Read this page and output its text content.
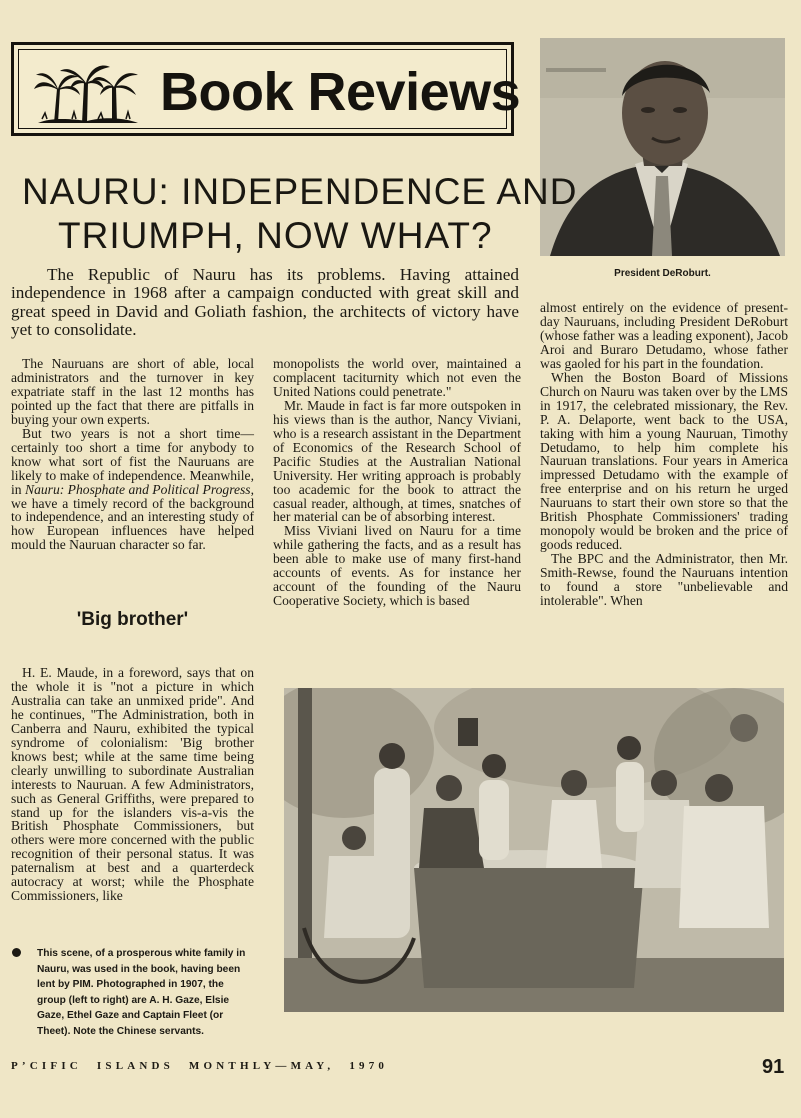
Book Reviews
President DeRoburt.
NAURU: INDEPENDENCE AND
TRIUMPH, NOW WHAT?

The Republic of Nauru has its problems. Having attained independence in 1968 after a campaign conducted with great skill and great speed in David and Goliath fashion, the architects of victory have yet to consolidate.

The Nauruans are short of able, local administrators and the turnover in key expatriate staff in the last 12 months has pointed up the fact that there are pitfalls in buying your own experts.

But two years is not a short time—certainly too short a time for anybody to know what sort of fist the Nauruans are likely to make of independence. Meanwhile, in Nauru: Phosphate and Political Progress, we have a timely record of the background to independence, and an interesting study of how European influences have helped mould the Nauruan character so far.

'Big brother'

H. E. Maude, in a foreword, says that on the whole it is "not a picture in which Australia can take an unmixed pride". And he continues, "The Administration, both in Canberra and Nauru, exhibited the typical syndrome of colonialism: 'Big brother knows best; while at the same time being clearly unwilling to subordinate Australian interests to Nauruan. A few Administrators, such as General Griffiths, were prepared to stand up for the islanders vis-a-vis the British Phosphate Commissioners, but others were more concerned with the public recognition of their personal status. It was paternalism at best and a quarterdeck autocracy at worst; while the Phosphate Commissioners, like

monopolists the world over, maintained a complacent taciturnity which not even the United Nations could penetrate."

Mr. Maude in fact is far more outspoken in his views than is the author, Nancy Viviani, who is a research assistant in the Department of Economics of the Research School of Pacific Studies at the Australian National University. Her writing approach is probably too academic for the book to attract the casual reader, although, at times, snatches of her material can be of absorbing interest.

Miss Viviani lived on Nauru for a time while gathering the facts, and as a result has been able to make use of many first-hand accounts of events. As for instance her account of the founding of the Nauru Cooperative Society, which is based

almost entirely on the evidence of present-day Nauruans, including President DeRoburt (whose father was a leading exponent), Jacob Aroi and Buraro Detudamo, whose father was gaoled for his part in the foundation.

When the Boston Board of Missions Church on Nauru was taken over by the LMS in 1917, the celebrated missionary, the Rev. P. A. Delaporte, went back to the USA, taking with him a young Nauruan, Timothy Detudamo, to help him complete his Nauruan translations. Four years in America impressed Detudamo with the example of free enterprise and on his return he urged Nauruans to start their own store so that the British Phosphate Commissioners' trading monopoly would be broken and the price of goods reduced.

The BPC and the Administrator, then Mr. Smith-Rewse, found the Nauruans intention to found a store "unbelievable and intolerable". When

This scene, of a prosperous white family in Nauru, was used in the book, having been lent by PIM. Photographed in 1907, the group (left to right) are A. H. Gaze, Elsie Gaze, Ethel Gaze and Captain Fleet (or Theet). Note the Chinese servants.
P’CIFIC ISLANDS MONTHLY—MAY, 1970	91
